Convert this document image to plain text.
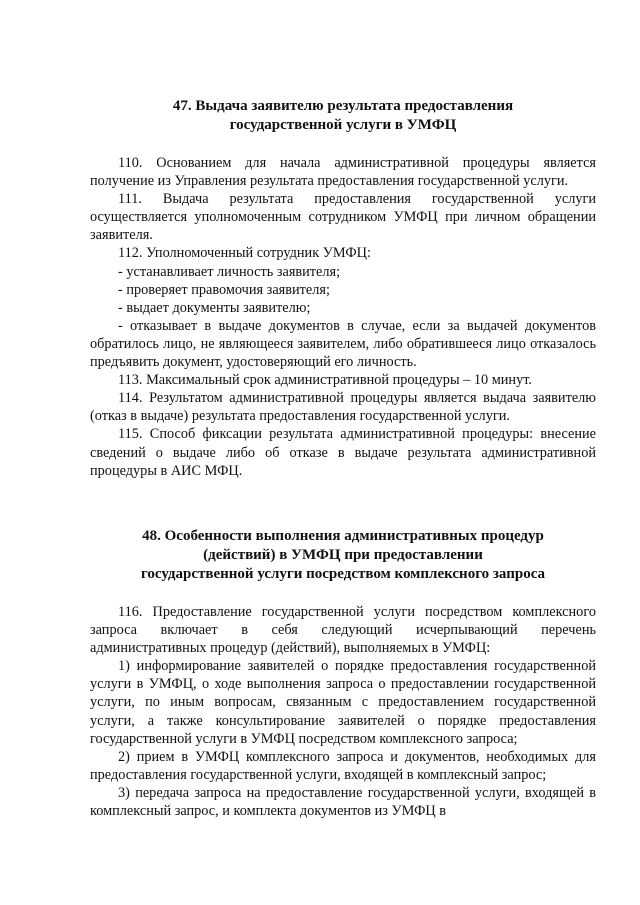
47. Выдача заявителю результата предоставления
государственной услуги в УМФЦ

110. Основанием для начала административной процедуры является получение из Управления результата предоставления государственной услуги.

111. Выдача результата предоставления государственной услуги осуществляется уполномоченным сотрудником УМФЦ при личном обращении заявителя.

112. Уполномоченный сотрудник УМФЦ:

- устанавливает личность заявителя;

- проверяет правомочия заявителя;

- выдает документы заявителю;

- отказывает в выдаче документов в случае, если за выдачей документов обратилось лицо, не являющееся заявителем, либо обратившееся лицо отказалось предъявить документ, удостоверяющий его личность.

113. Максимальный срок административной процедуры – 10 минут.

114. Результатом административной процедуры является выдача заявителю (отказ в выдаче) результата предоставления государственной услуги.

115. Способ фиксации результата административной процедуры: внесение сведений о выдаче либо об отказе в выдаче результата административной процедуры в АИС МФЦ.

48. Особенности выполнения административных процедур
(действий) в УМФЦ при предоставлении
государственной услуги посредством комплексного запроса

116. Предоставление государственной услуги посредством комплексного запроса включает в себя следующий исчерпывающий перечень административных процедур (действий), выполняемых в УМФЦ:

1) информирование заявителей о порядке предоставления государственной услуги в УМФЦ, о ходе выполнения запроса о предоставлении государственной услуги, по иным вопросам, связанным с предоставлением государственной услуги, а также консультирование заявителей о порядке предоставления государственной услуги в УМФЦ посредством комплексного запроса;

2) прием в УМФЦ комплексного запроса и документов, необходимых для предоставления государственной услуги, входящей в комплексный запрос;

3) передача запроса на предоставление государственной услуги, входящей в комплексный запрос, и комплекта документов из УМФЦ в
